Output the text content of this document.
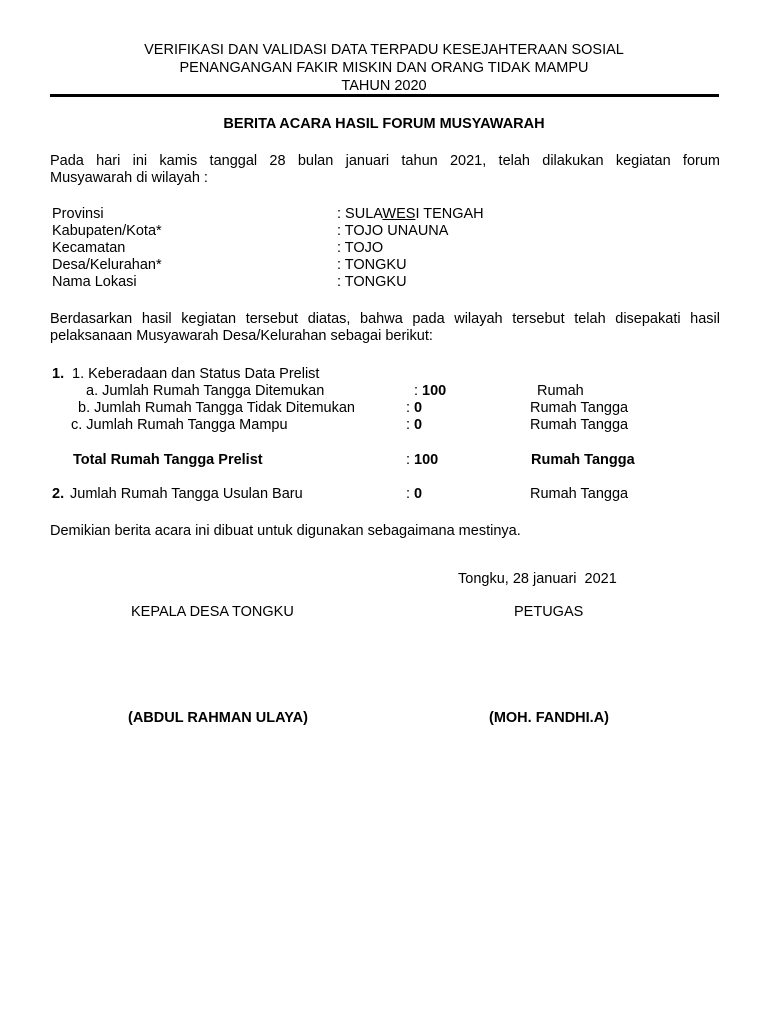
VERIFIKASI DAN VALIDASI DATA TERPADU KESEJAHTERAAN SOSIAL
PENANGANGAN FAKIR MISKIN DAN ORANG TIDAK MAMPU
TAHUN 2020
BERITA ACARA HASIL FORUM MUSYAWARAH
Pada hari ini kamis tanggal 28 bulan januari tahun 2021, telah dilakukan kegiatan forum
Musyawarah di wilayah :
Provinsi	: SULAWESI TENGAH
Kabupaten/Kota*	: TOJO UNAUNA
Kecamatan	: TOJO
Desa/Kelurahan*	: TONGKU
Nama Lokasi	: TONGKU
Berdasarkan hasil kegiatan tersebut diatas, bahwa pada wilayah tersebut telah disepakati hasil
pelaksanaan Musyawarah Desa/Kelurahan sebagai berikut:
1. 1. Keberadaan dan Status Data Prelist
a. Jumlah Rumah Tangga Ditemukan	: 100	Rumah
b. Jumlah Rumah Tangga Tidak Ditemukan	: 0	Rumah Tangga
c. Jumlah Rumah Tangga Mampu	: 0	Rumah Tangga
Total Rumah Tangga Prelist	: 100	Rumah Tangga
2. Jumlah Rumah Tangga Usulan Baru	: 0	Rumah Tangga
Demikian berita acara ini dibuat untuk digunakan sebagaimana mestinya.
Tongku, 28 januari  2021
KEPALA DESA TONGKU	PETUGAS
(ABDUL RAHMAN ULAYA)	(MOH. FANDHI.A)
